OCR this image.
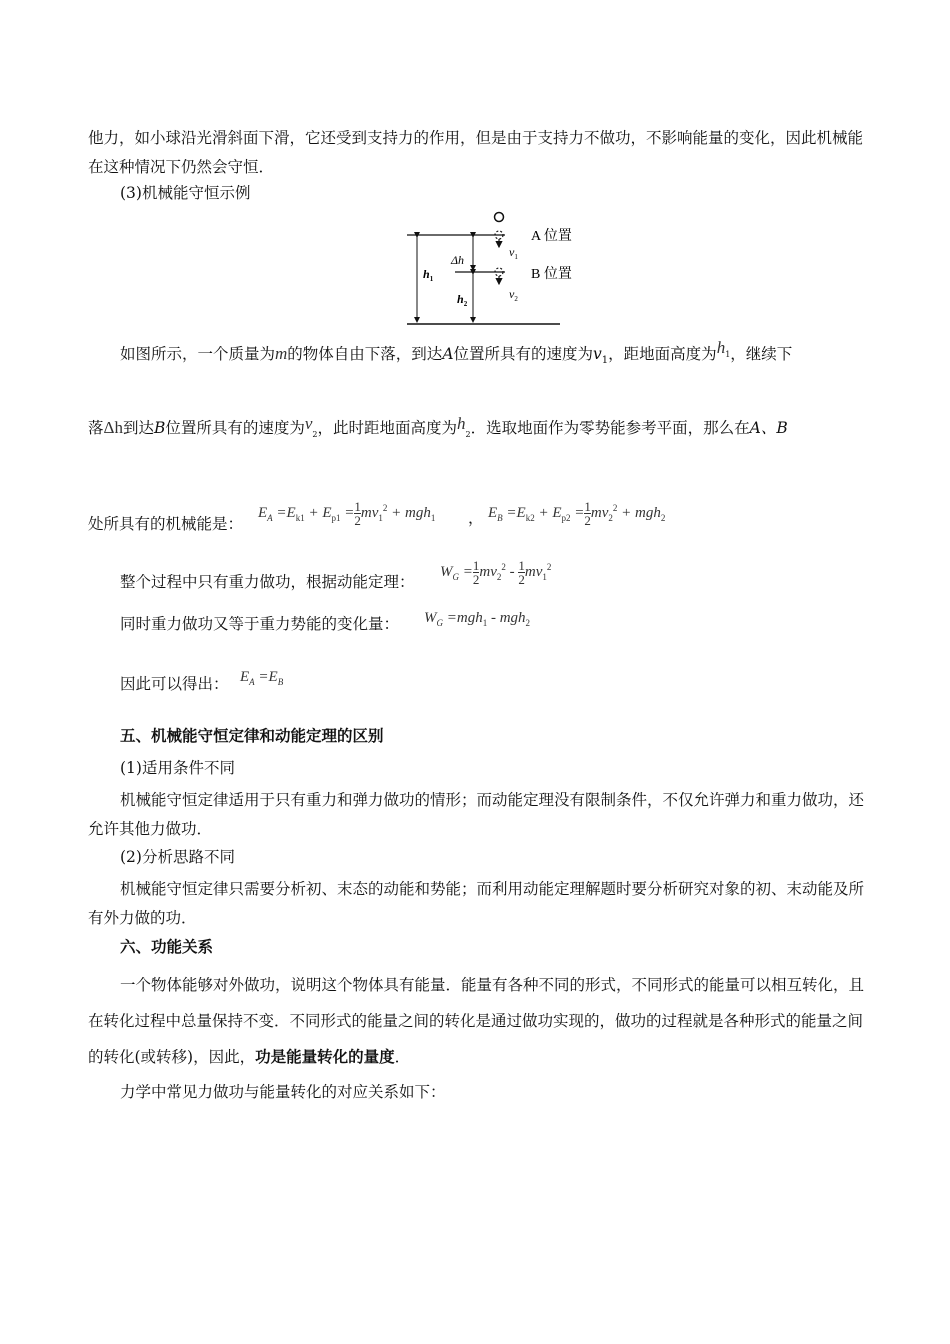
他力，如小球沿光滑斜面下滑，它还受到支持力的作用，但是由于支持力不做功，不影响能量的变化，因此机械能在这种情况下仍然会守恒．
(3)机械能守恒示例
$v_1$
$v_2$
A 位置
B 位置
Δh
$h_1$
$h_2$
如图所示，一个质量为m的物体自由下落，到达A位置所具有的速度为$v_1$，距地面高度为$h_1$，继续下
落Δh到达B位置所具有的速度为$v_2$，此时距地面高度为$h_2$．选取地面作为零势能参考平面，那么在A、B
处所具有的机械能是：
$E_A =E_{k1} + E_{p1} = \frac{1}{2} mv_1^2 + mgh_1$ ， $E_B =E_{k2} + E_{p2} = \frac{1}{2} mv_2^2 + mgh_2$
整个过程中只有重力做功，根据动能定理：
$W_G = \frac{1}{2} mv_2^2 - \frac{1}{2} mv_1^2$
同时重力做功又等于重力势能的变化量： $W_G =mgh_1 - mgh_2$
因此可以得出： $E_A =E_B$
五、机械能守恒定律和动能定理的区别
(1)适用条件不同
机械能守恒定律适用于只有重力和弹力做功的情形；而动能定理没有限制条件，不仅允许弹力和重力做功，还允许其他力做功．
(2)分析思路不同
机械能守恒定律只需要分析初、末态的动能和势能；而利用动能定理解题时要分析研究对象的初、末动能及所有外力做的功．
六、功能关系
一个物体能够对外做功，说明这个物体具有能量．能量有各种不同的形式，不同形式的能量可以相互转化，且在转化过程中总量保持不变．不同形式的能量之间的转化是通过做功实现的，做功的过程就是各种形式的能量之间的转化(或转移)，因此，功是能量转化的量度．
力学中常见力做功与能量转化的对应关系如下：
